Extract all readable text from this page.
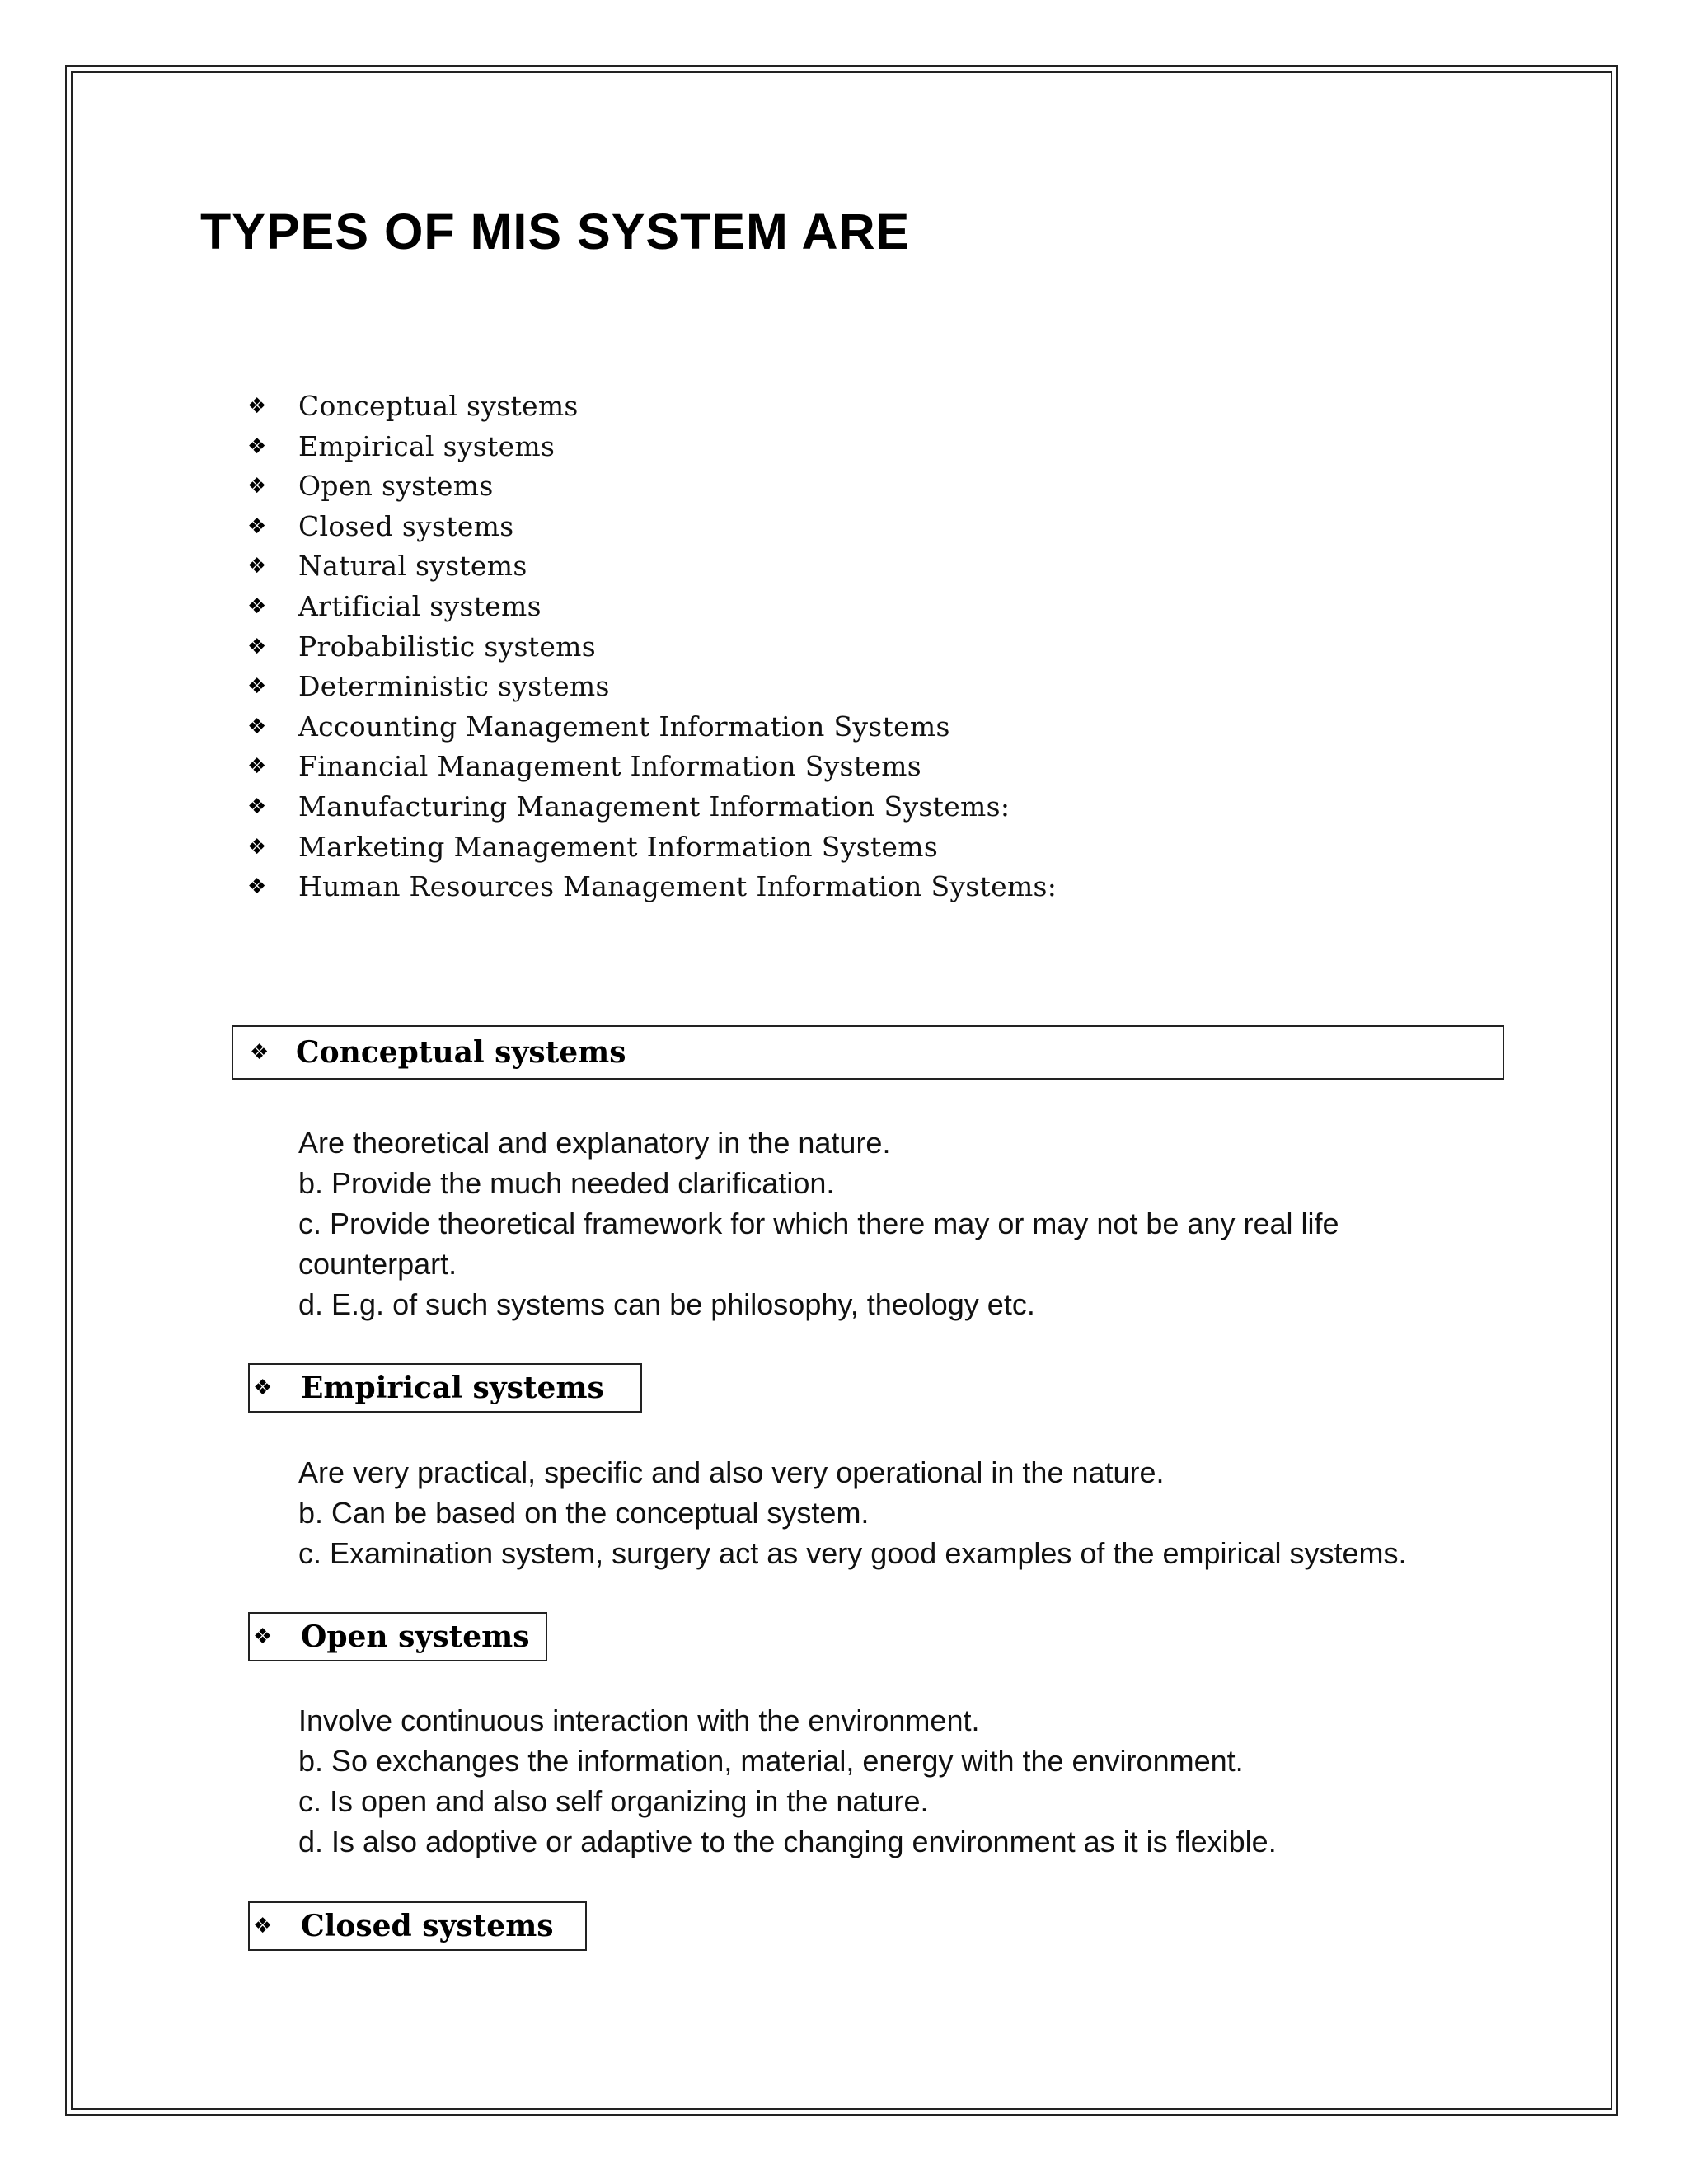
TYPES OF MIS SYSTEM ARE
❖	Conceptual systems
❖	Empirical systems
❖	Open systems
❖	Closed systems
❖	Natural systems
❖	Artificial systems
❖	Probabilistic systems
❖	Deterministic systems
❖	Accounting Management Information Systems
❖	Financial Management Information Systems
❖	Manufacturing Management Information Systems:
❖	Marketing Management Information Systems
❖	Human Resources Management Information Systems:
❖ Conceptual systems

Are theoretical and explanatory in the nature.

b. Provide the much needed clarification.

c. Provide theoretical framework for which there may or may not be any real life counterpart.

d. E.g. of such systems can be philosophy, theology etc.

❖ Empirical systems

Are very practical, specific and also very operational in the nature.

b. Can be based on the conceptual system.

c. Examination system, surgery act as very good examples of the empirical systems.

❖ Open systems

Involve continuous interaction with the environment.

b. So exchanges the information, material, energy with the environment.

c. Is open and also self organizing in the nature.

d. Is also adoptive or adaptive to the changing environment as it is flexible.

❖ Closed systems
